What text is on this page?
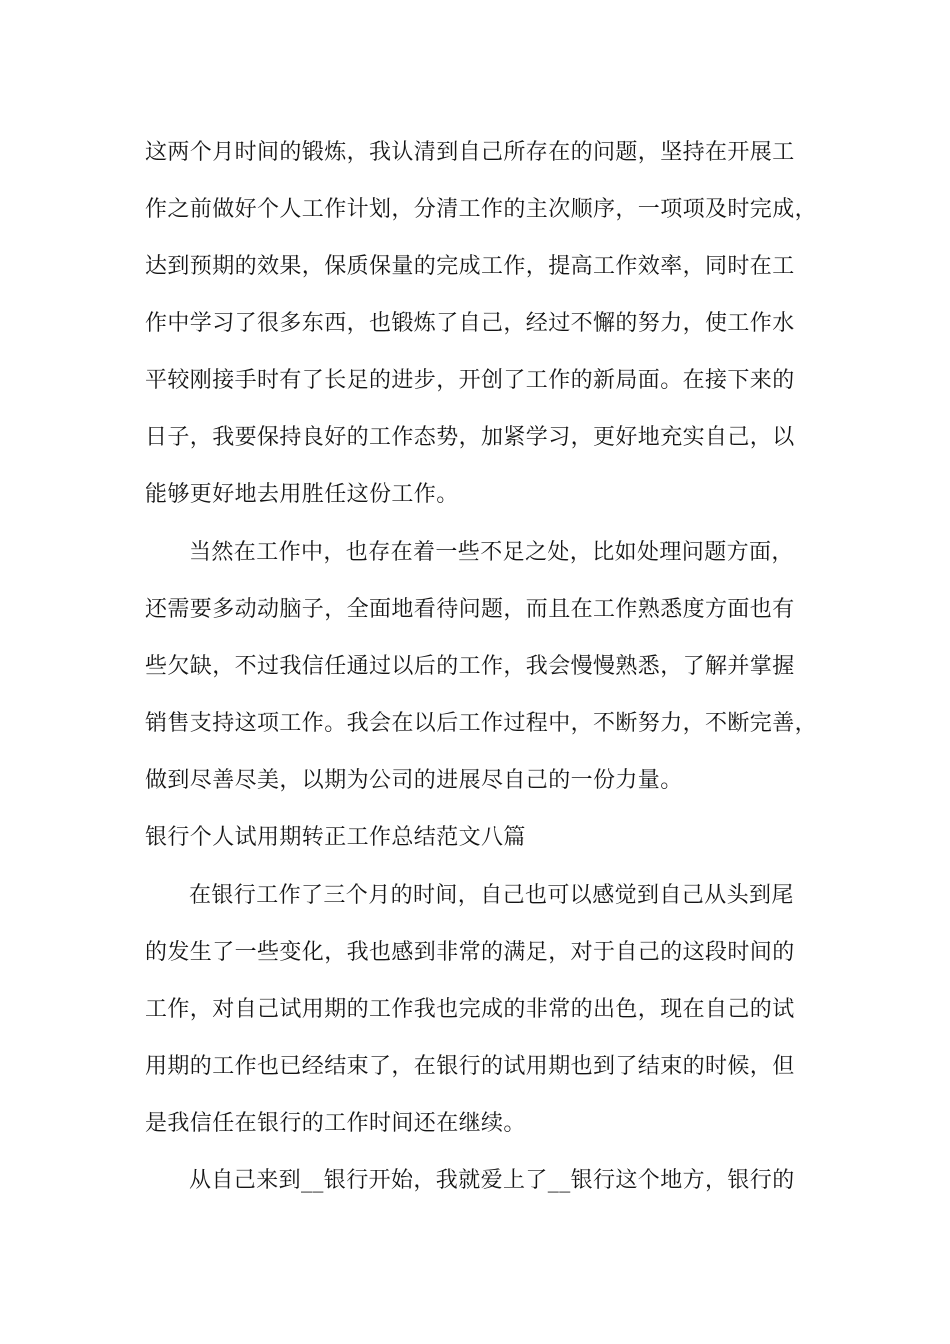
这两个月时间的锻炼，我认清到自己所存在的问题，坚持在开展工
作之前做好个人工作计划，分清工作的主次顺序，一项项及时完成，
达到预期的效果，保质保量的完成工作，提高工作效率，同时在工
作中学习了很多东西，也锻炼了自己，经过不懈的努力，使工作水
平较刚接手时有了长足的进步，开创了工作的新局面。在接下来的
日子，我要保持良好的工作态势，加紧学习，更好地充实自己，以
能够更好地去用胜任这份工作。
当然在工作中，也存在着一些不足之处，比如处理问题方面，
还需要多动动脑子，全面地看待问题，而且在工作熟悉度方面也有
些欠缺，不过我信任通过以后的工作，我会慢慢熟悉，了解并掌握
销售支持这项工作。我会在以后工作过程中，不断努力，不断完善，
做到尽善尽美，以期为公司的进展尽自己的一份力量。
银行个人试用期转正工作总结范文八篇
在银行工作了三个月的时间，自己也可以感觉到自己从头到尾
的发生了一些变化，我也感到非常的满足，对于自己的这段时间的
工作，对自己试用期的工作我也完成的非常的出色，现在自己的试
用期的工作也已经结束了，在银行的试用期也到了结束的时候，但
是我信任在银行的工作时间还在继续。
从自己来到__银行开始，我就爱上了__银行这个地方，银行的
